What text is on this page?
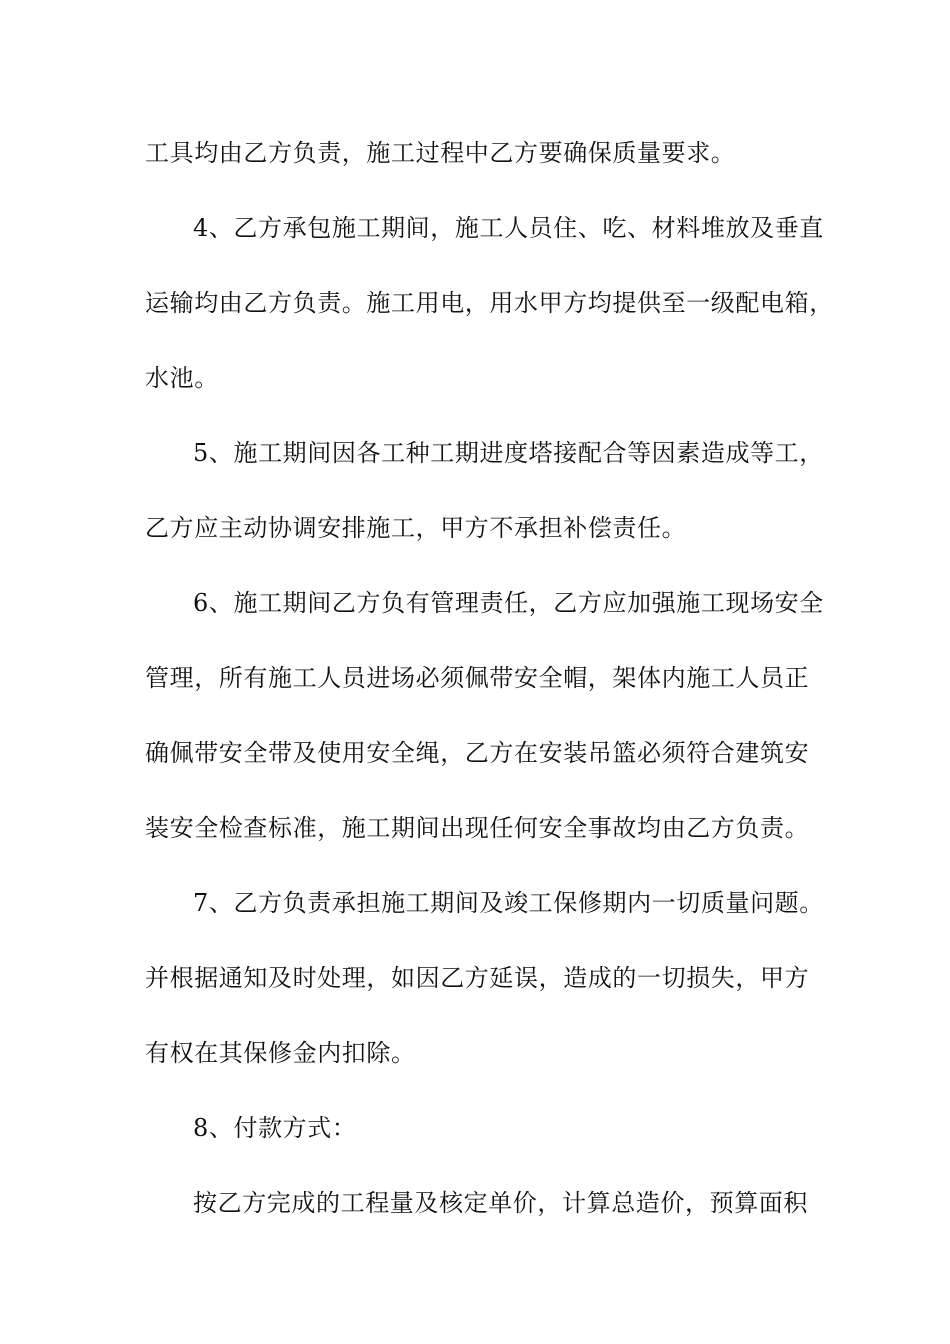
工具均由乙方负责，施工过程中乙方要确保质量要求。
4、乙方承包施工期间，施工人员住、吃、材料堆放及垂直
运输均由乙方负责。施工用电，用水甲方均提供至一级配电箱，
水池。
5、施工期间因各工种工期进度塔接配合等因素造成等工，
乙方应主动协调安排施工，甲方不承担补偿责任。
6、施工期间乙方负有管理责任，乙方应加强施工现场安全
管理，所有施工人员进场必须佩带安全帽，架体内施工人员正
确佩带安全带及使用安全绳，乙方在安装吊篮必须符合建筑安
装安全检查标准，施工期间出现任何安全事故均由乙方负责。
7、乙方负责承担施工期间及竣工保修期内一切质量问题。
并根据通知及时处理，如因乙方延误，造成的一切损失，甲方
有权在其保修金内扣除。
8、付款方式：
按乙方完成的工程量及核定单价，计算总造价，预算面积
